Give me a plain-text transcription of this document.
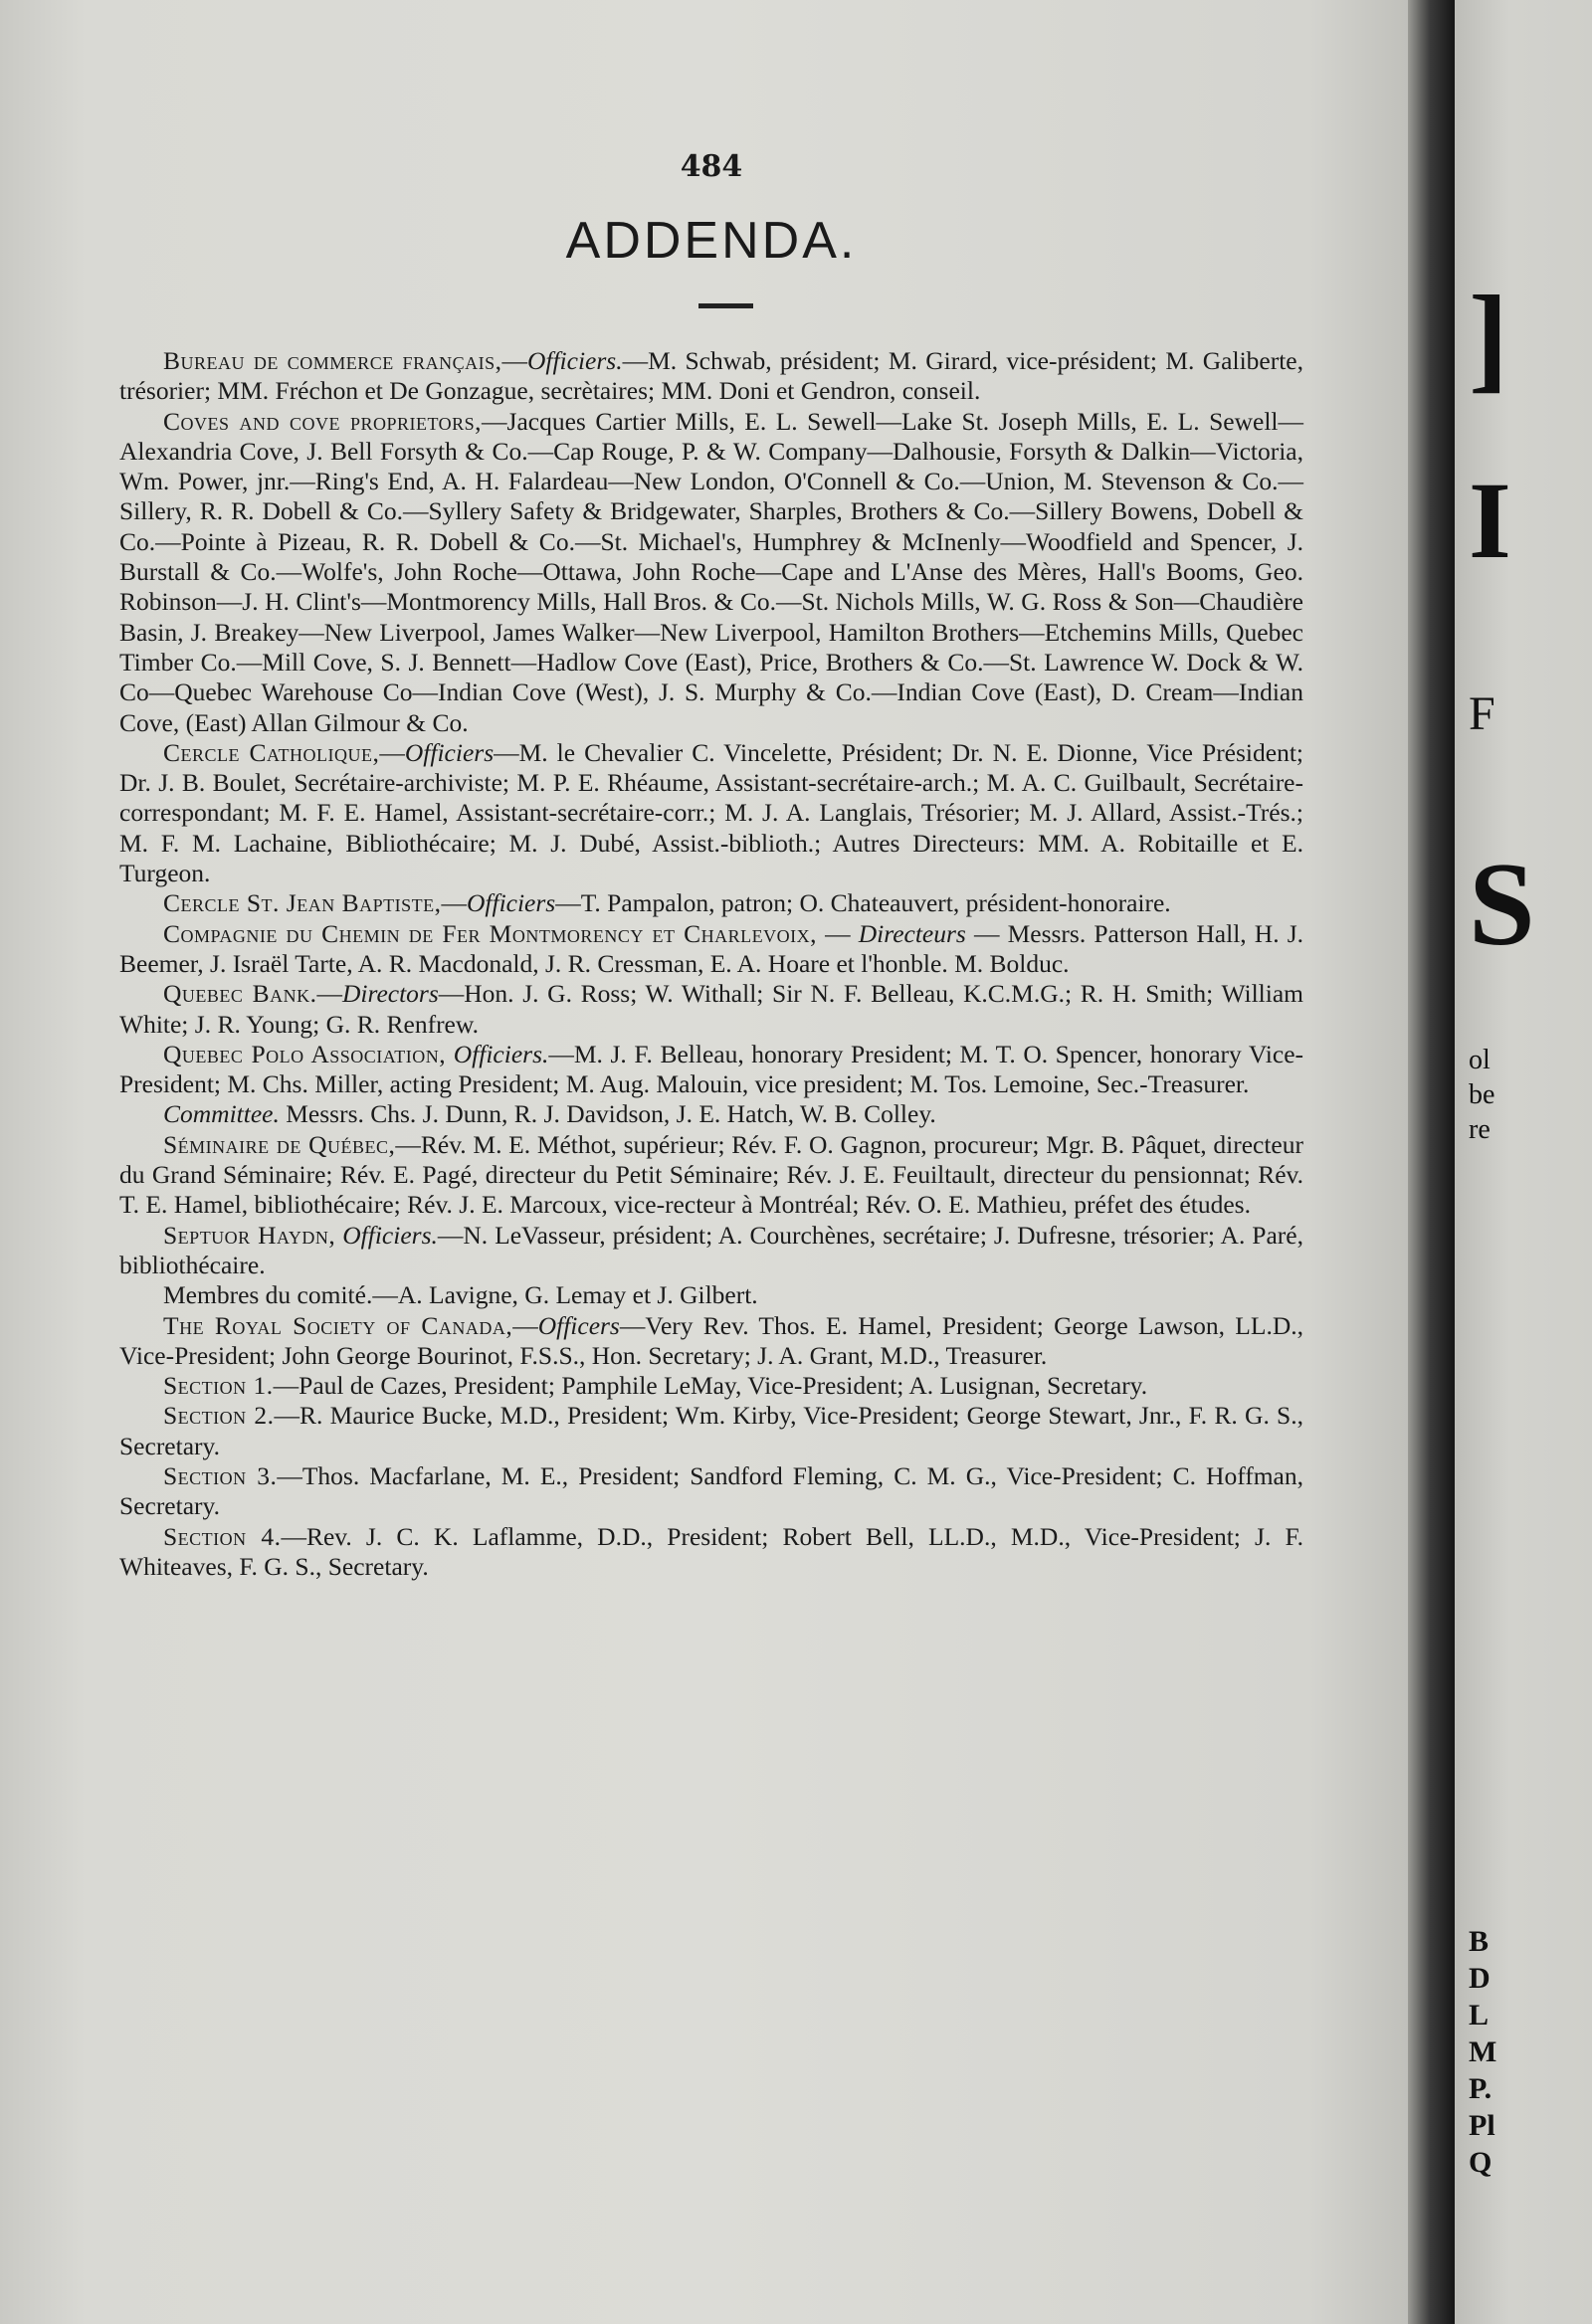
484
ADDENDA.

Bureau de commerce français,—Officiers.—M. Schwab, président; M. Girard, vice-président; M. Galiberte, trésorier; MM. Fréchon et De Gonzague, secrètaires; MM. Doni et Gendron, conseil.

Coves and cove proprietors,—Jacques Cartier Mills, E. L. Sewell—Lake St. Joseph Mills, E. L. Sewell—Alexandria Cove, J. Bell Forsyth & Co.—Cap Rouge, P. & W. Company—Dalhousie, Forsyth & Dalkin—Victoria, Wm. Power, jnr.—Ring's End, A. H. Falardeau—New London, O'Connell & Co.—Union, M. Stevenson & Co.—Sillery, R. R. Dobell & Co.—Syllery Safety & Bridgewater, Sharples, Brothers & Co.—Sillery Bowens, Dobell & Co.—Pointe à Pizeau, R. R. Dobell & Co.—St. Michael's, Humphrey & McInenly—Woodfield and Spencer, J. Burstall & Co.—Wolfe's, John Roche—Ottawa, John Roche—Cape and L'Anse des Mères, Hall's Booms, Geo. Robinson—J. H. Clint's—Montmorency Mills, Hall Bros. & Co.—St. Nichols Mills, W. G. Ross & Son—Chaudière Basin, J. Breakey—New Liverpool, James Walker—New Liverpool, Hamilton Brothers—Etchemins Mills, Quebec Timber Co.—Mill Cove, S. J. Bennett—Hadlow Cove (East), Price, Brothers & Co.—St. Lawrence W. Dock & W. Co—Quebec Warehouse Co—Indian Cove (West), J. S. Murphy & Co.—Indian Cove (East), D. Cream—Indian Cove, (East) Allan Gilmour & Co.

Cercle Catholique,—Officiers—M. le Chevalier C. Vincelette, Président; Dr. N. E. Dionne, Vice Président; Dr. J. B. Boulet, Secrétaire-archiviste; M. P. E. Rhéaume, Assistant-secrétaire-arch.; M. A. C. Guilbault, Secrétaire-correspondant; M. F. E. Hamel, Assistant-secrétaire-corr.; M. J. A. Langlais, Trésorier; M. J. Allard, Assist.-Trés.; M. F. M. Lachaine, Bibliothécaire; M. J. Dubé, Assist.-biblioth.; Autres Directeurs: MM. A. Robitaille et E. Turgeon.

Cercle St. Jean Baptiste,—Officiers—T. Pampalon, patron; O. Chateauvert, président-honoraire.

Compagnie du Chemin de Fer Montmorency et Charlevoix, — Directeurs — Messrs. Patterson Hall, H. J. Beemer, J. Israël Tarte, A. R. Macdonald, J. R. Cressman, E. A. Hoare et l'honble. M. Bolduc.

Quebec Bank.—Directors—Hon. J. G. Ross; W. Withall; Sir N. F. Belleau, K.C.M.G.; R. H. Smith; William White; J. R. Young; G. R. Renfrew.

Quebec Polo Association, Officiers.—M. J. F. Belleau, honorary President; M. T. O. Spencer, honorary Vice-President; M. Chs. Miller, acting President; M. Aug. Malouin, vice president; M. Tos. Lemoine, Sec.-Treasurer.

Committee. Messrs. Chs. J. Dunn, R. J. Davidson, J. E. Hatch, W. B. Colley.

Séminaire de Québec,—Rév. M. E. Méthot, supérieur; Rév. F. O. Gagnon, procureur; Mgr. B. Pâquet, directeur du Grand Séminaire; Rév. E. Pagé, directeur du Petit Séminaire; Rév. J. E. Feuiltault, directeur du pensionnat; Rév. T. E. Hamel, bibliothécaire; Rév. J. E. Marcoux, vice-recteur à Montréal; Rév. O. E. Mathieu, préfet des études.

Septuor Haydn, Officiers.—N. LeVasseur, président; A. Courchènes, secrétaire; J. Dufresne, trésorier; A. Paré, bibliothécaire.

Membres du comité.—A. Lavigne, G. Lemay et J. Gilbert.

The Royal Society of Canada,—Officers—Very Rev. Thos. E. Hamel, President; George Lawson, LL.D., Vice-President; John George Bourinot, F.S.S., Hon. Secretary; J. A. Grant, M.D., Treasurer.

Section 1.—Paul de Cazes, President; Pamphile LeMay, Vice-President; A. Lusignan, Secretary.

Section 2.—R. Maurice Bucke, M.D., President; Wm. Kirby, Vice-President; George Stewart, Jnr., F. R. G. S., Secretary.

Section 3.—Thos. Macfarlane, M. E., President; Sandford Fleming, C. M. G., Vice-President; C. Hoffman, Secretary.

Section 4.—Rev. J. C. K. Laflamme, D.D., President; Robert Bell, LL.D., M.D., Vice-President; J. F. Whiteaves, F. G. S., Secretary.

]
I
F
S
ol
be
re
B
D
L
M
P.
Pl
Q
